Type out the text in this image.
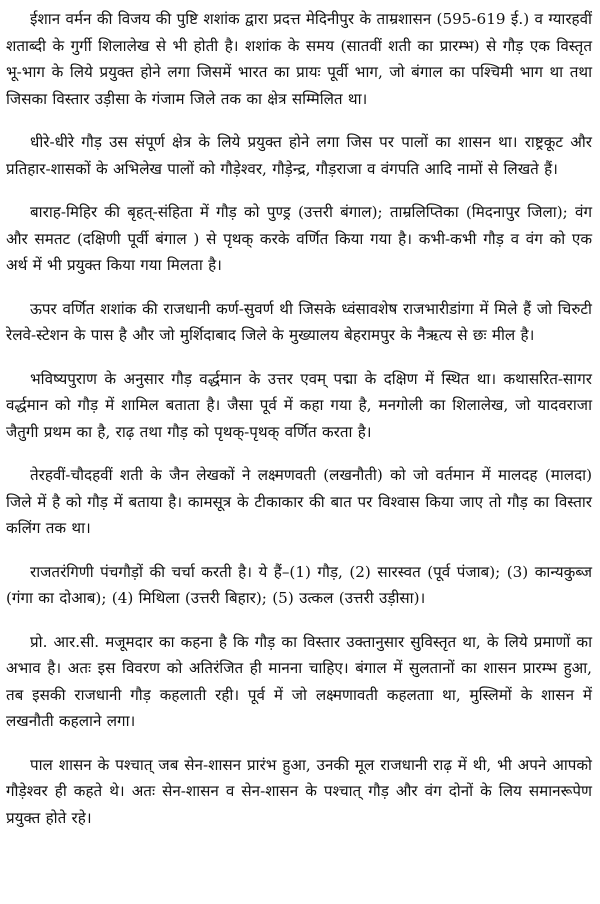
ईशान वर्मन की विजय की पुष्टि शशांक द्वारा प्रदत्त मेदिनीपुर के ताम्रशासन (595-619 ई.) व ग्यारहवीं शताब्दी के गुर्गी शिलालेख से भी होती है। शशांक के समय (सातवीं शती का प्रारम्भ) से गौड़ एक विस्तृत भू-भाग के लिये प्रयुक्त होने लगा जिसमें भारत का प्रायः पूर्वी भाग, जो बंगाल का पश्चिमी भाग था तथा जिसका विस्तार उड़ीसा के गंजाम जिले तक का क्षेत्र सम्मिलित था।

धीरे-धीरे गौड़ उस संपूर्ण क्षेत्र के लिये प्रयुक्त होने लगा जिस पर पालों का शासन था। राष्ट्रकूट और प्रतिहार-शासकों के अभिलेख पालों को गौड़ेश्वर, गौड़ेन्द्र, गौड़राजा व वंगपति आदि नामों से लिखते हैं।

बाराह-मिहिर की बृहत्-संहिता में गौड़ को पुण्ड्र (उत्तरी बंगाल); ताम्रलिप्तिका (मिदनापुर जिला); वंग और समतट (दक्षिणी पूर्वी बंगाल ) से पृथक् करके वर्णित किया गया है। कभी-कभी गौड़ व वंग को एक अर्थ में भी प्रयुक्त किया गया मिलता है।

ऊपर वर्णित शशांक की राजधानी कर्ण-सुवर्ण थी जिसके ध्वंसावशेष राजभारीडांगा में मिले हैं जो चिरुटी रेलवे-स्टेशन के पास है और जो मुर्शिदाबाद जिले के मुख्यालय बेहरामपुर के नैऋत्य से छः मील है।

भविष्यपुराण के अनुसार गौड़ वर्द्धमान के उत्तर एवम् पद्मा के दक्षिण में स्थित था। कथासरित-सागर वर्द्धमान को गौड़ में शामिल बताता है। जैसा पूर्व में कहा गया है, मनगोली का शिलालेख, जो यादवराजा जैतुगी प्रथम का है, राढ़ तथा गौड़ को पृथक्-पृथक् वर्णित करता है।

तेरहवीं-चौदहवीं शती के जैन लेखकों ने लक्ष्मणवती (लखनौती) को जो वर्तमान में मालदह (मालदा) जिले में है को गौड़ में बताया है। कामसूत्र के टीकाकार की बात पर विश्वास किया जाए तो गौड़ का विस्तार कलिंग तक था।

राजतरंगिणी पंचगौड़ों की चर्चा करती है। ये हैं–(1) गौड़, (2) सारस्वत (पूर्व पंजाब); (3) कान्यकुब्ज (गंगा का दोआब); (4) मिथिला (उत्तरी बिहार); (5) उत्कल (उत्तरी उड़ीसा)।

प्रो. आर.सी. मजूमदार का कहना है कि गौड़ का विस्तार उक्तानुसार सुविस्तृत था, के लिये प्रमाणों का अभाव है। अतः इस विवरण को अतिरंजित ही मानना चाहिए। बंगाल में सुलतानों का शासन प्रारम्भ हुआ, तब इसकी राजधानी गौड़ कहलाती रही। पूर्व में जो लक्ष्मणावती कहलताा था, मुस्लिमों के शासन में लखनौती कहलाने लगा।

पाल शासन के पश्चात् जब सेन-शासन प्रारंभ हुआ, उनकी मूल राजधानी राढ़ में थी, भी अपने आपको गौड़ेश्वर ही कहते थे। अतः सेन-शासन व सेन-शासन के पश्चात् गौड़ और वंग दोनों के लिय समानरूपेण प्रयुक्त होते रहे।
